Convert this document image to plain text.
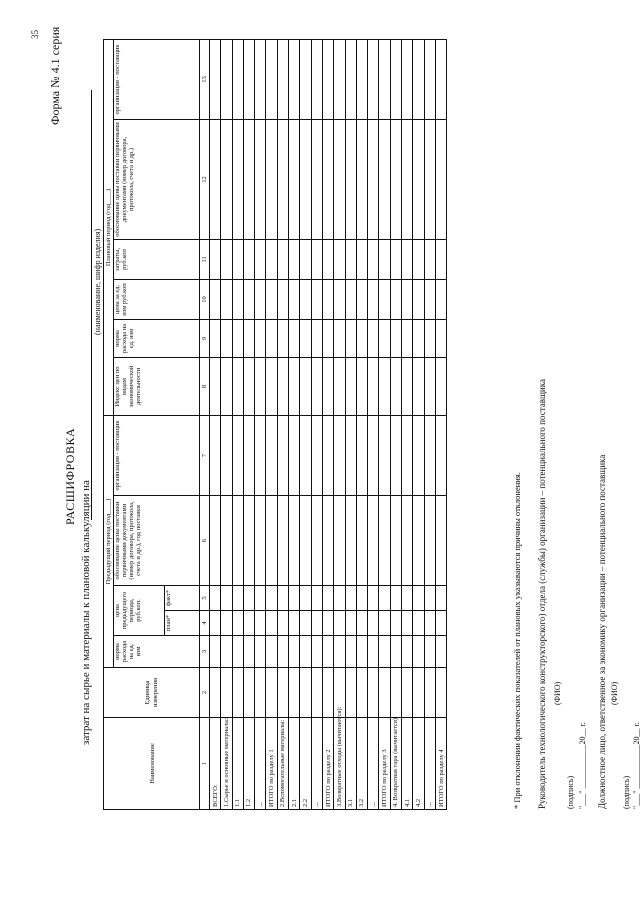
35 Форма № 4.1 серия
РАСШИФРОВКА
затрат на сырье и материалы к плановой калькуляции на
(наименование, шифр изделия)
Наименование	Единица измерения	Предыдущий период (год____)					Плановый период (год____)					
		норма расхода на ед. изм	цена предыдущего периода, руб.коп.		обоснование цены поставки первичными документами (номер договора, протокола, счета и др.), год поставки	организация - поставщик	Индекс цен по видам экономической деятельности	норма расхода на ед. изм	цена за ед. изм руб.коп	затраты, руб.коп	обоснование цены поставки первичными документами (номер договора, протокола, счета и др.)	организация - поставщик
			план*	факт*								
1	2	3	4	5	6	7	8	9	10	11	12	13
ВСЕГО:												
1.Сырье и основные материалы:												
1.1												
1.2												
...												
ИТОГО по разделу 1												
2.Вспомогательные материалы:												
2.1												
2.2												
...												
ИТОГО по разделу 2												
3.Возвратные отходы (вычитаются):												
3.1												
3.2												
...												
ИТОГО по разделу 3												
4. Возвратная тара (вычитается)												
4.1												
4.2												
...												
ИТОГО по разделу 4													* При отклонении фактических показателей от плановых указываются причины отклонения. Руководитель технологического конструкторского) отдела (службы) организации – потенциального поставщика (ФИО)
(подпись) "___" ___________20__ г. Должностное лицо, ответственное за экономику организации – потенциального поставщика (ФИО)
(подпись) "___" ___________20__ г.
